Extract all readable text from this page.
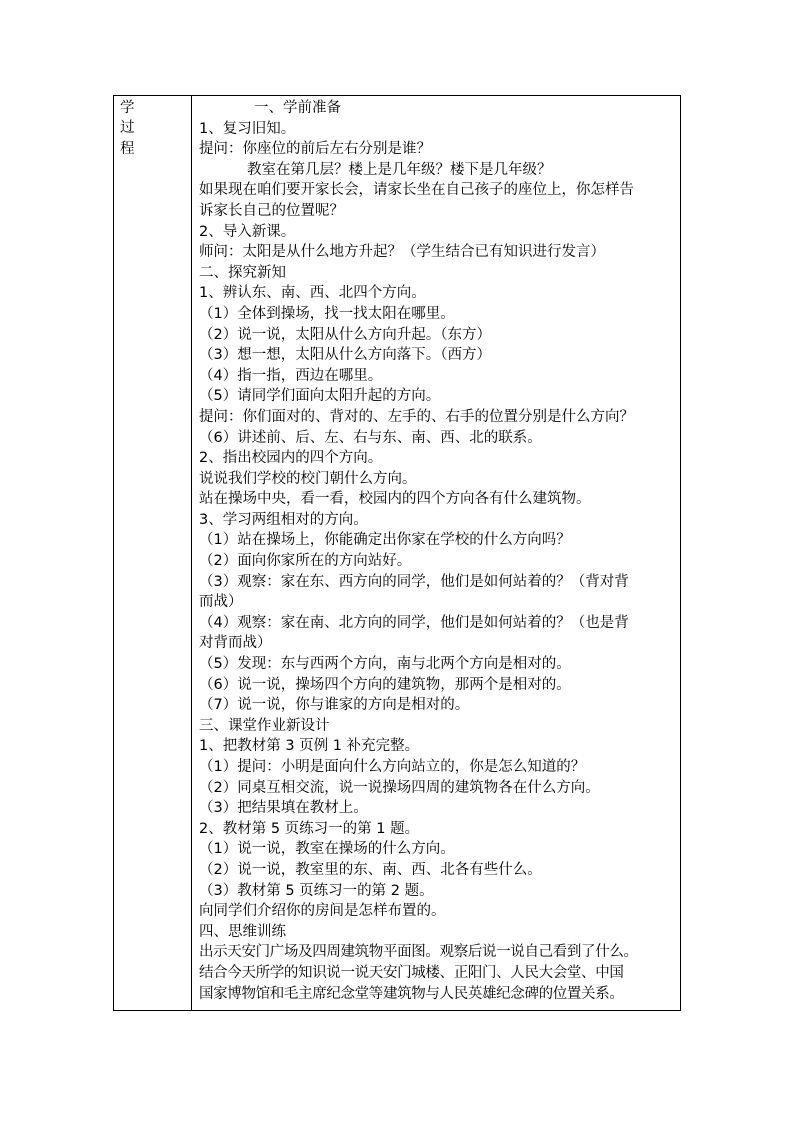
学
过
程
一、学前准备
1、复习旧知。
提问：你座位的前后左右分别是谁？
教室在第几层？楼上是几年级？楼下是几年级？
如果现在咱们要开家长会，请家长坐在自己孩子的座位上，你怎样告
诉家长自己的位置呢？
2、导入新课。
师问：太阳是从什么地方升起？（学生结合已有知识进行发言）
二、探究新知
1、辨认东、南、西、北四个方向。
（1）全体到操场，找一找太阳在哪里。
（2）说一说，太阳从什么方向升起。（东方）
（3）想一想，太阳从什么方向落下。（西方）
（4）指一指，西边在哪里。
（5）请同学们面向太阳升起的方向。
提问：你们面对的、背对的、左手的、右手的位置分别是什么方向？
（6）讲述前、后、左、右与东、南、西、北的联系。
2、指出校园内的四个方向。
说说我们学校的校门朝什么方向。
站在操场中央，看一看，校园内的四个方向各有什么建筑物。
3、学习两组相对的方向。
（1）站在操场上，你能确定出你家在学校的什么方向吗？
（2）面向你家所在的方向站好。
（3）观察：家在东、西方向的同学，他们是如何站着的？（背对背
而战）
（4）观察：家在南、北方向的同学，他们是如何站着的？（也是背
对背而战）
（5）发现：东与西两个方向，南与北两个方向是相对的。
（6）说一说，操场四个方向的建筑物，那两个是相对的。
（7）说一说，你与谁家的方向是相对的。
三、课堂作业新设计
1、把教材第 3 页例 1 补充完整。
（1）提问：小明是面向什么方向站立的，你是怎么知道的？
（2）同桌互相交流，说一说操场四周的建筑物各在什么方向。
（3）把结果填在教材上。
2、教材第 5 页练习一的第 1 题。
（1）说一说，教室在操场的什么方向。
（2）说一说，教室里的东、南、西、北各有些什么。
（3）教材第 5 页练习一的第 2 题。
向同学们介绍你的房间是怎样布置的。
四、思维训练
出示天安门广场及四周建筑物平面图。观察后说一说自己看到了什么。
结合今天所学的知识说一说天安门城楼、正阳门、人民大会堂、中国
国家博物馆和毛主席纪念堂等建筑物与人民英雄纪念碑的位置关系。
